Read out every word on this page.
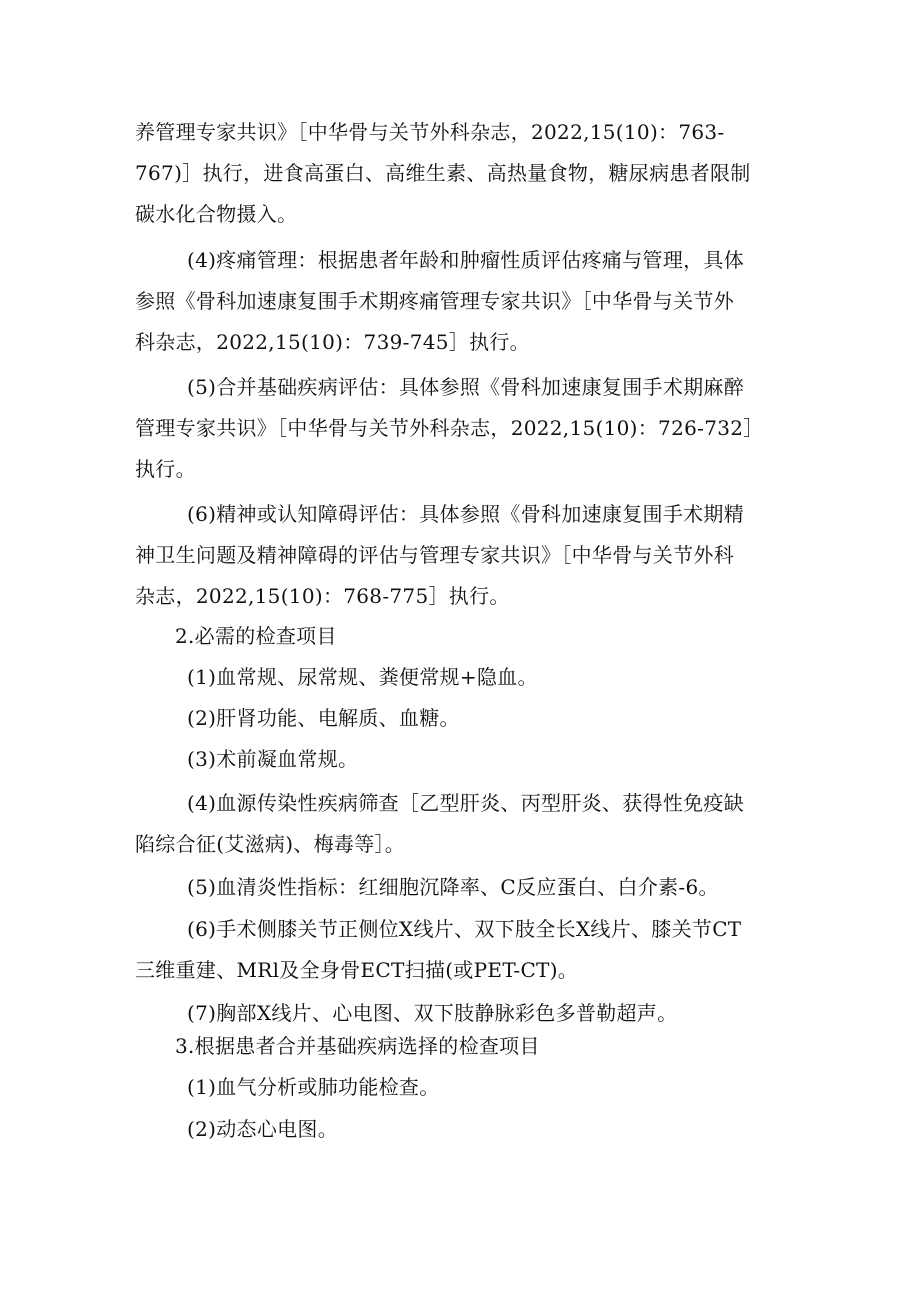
养管理专家共识》［中华骨与关节外科杂志，2022,15(10)：763-
767)］执行，进食高蛋白、高维生素、高热量食物，糖尿病患者限制
碳水化合物摄入。
(4)疼痛管理：根据患者年龄和肿瘤性质评估疼痛与管理，具体
参照《骨科加速康复围手术期疼痛管理专家共识》［中华骨与关节外
科杂志，2022,15(10)：739-745］执行。
(5)合并基础疾病评估：具体参照《骨科加速康复围手术期麻醉
管理专家共识》［中华骨与关节外科杂志，2022,15(10)：726-732］
执行。
(6)精神或认知障碍评估：具体参照《骨科加速康复围手术期精
神卫生问题及精神障碍的评估与管理专家共识》［中华骨与关节外科
杂志，2022,15(10)：768-775］执行。
2.必需的检查项目
(1)血常规、尿常规、粪便常规+隐血。
(2)肝肾功能、电解质、血糖。
(3)术前凝血常规。
(4)血源传染性疾病筛查［乙型肝炎、丙型肝炎、获得性免疫缺
陷综合征(艾滋病)、梅毒等］。
(5)血清炎性指标：红细胞沉降率、C反应蛋白、白介素-6。
(6)手术侧膝关节正侧位X线片、双下肢全长X线片、膝关节CT
三维重建、MRl及全身骨ECT扫描(或PET-CT)。
(7)胸部X线片、心电图、双下肢静脉彩色多普勒超声。
3.根据患者合并基础疾病选择的检查项目
(1)血气分析或肺功能检查。
(2)动态心电图。
